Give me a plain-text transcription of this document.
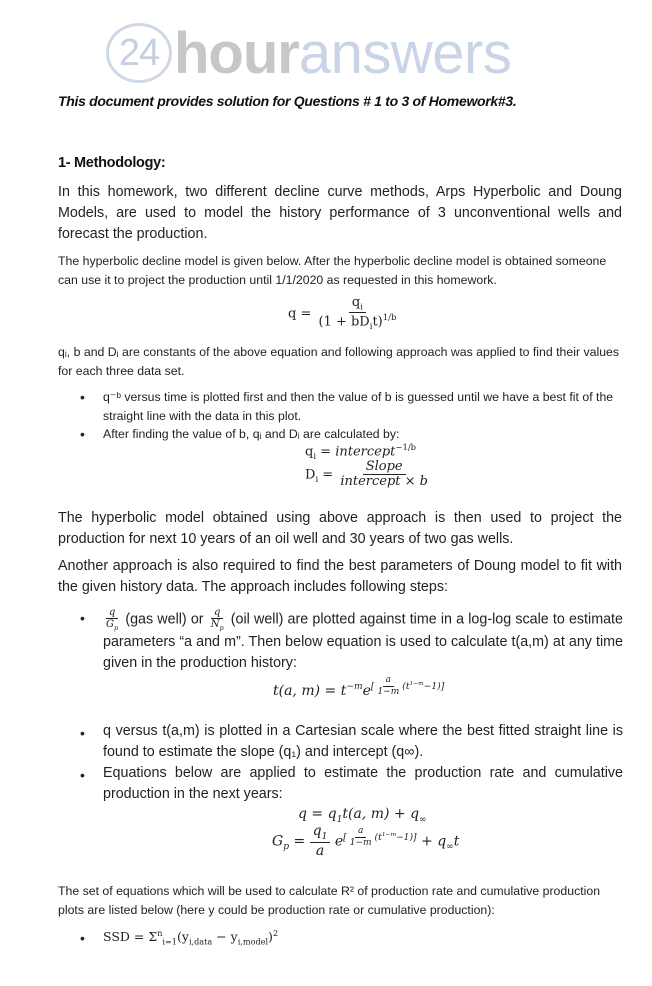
24 hour answers
This document provides solution for Questions # 1 to 3 of Homework#3.
1- Methodology:
In this homework, two different decline curve methods, Arps Hyperbolic and Doung Models, are used to model the history performance of 3 unconventional wells and forecast the production.
The hyperbolic decline model is given below. After the hyperbolic decline model is obtained someone can use it to project the production until 1/1/2020 as requested in this homework.
$q = \frac{q_i}{(1 + bD_it)^{1/b}}$
qᵢ, b and Dᵢ are constants of the above equation and following approach was applied to find their values for each three data set.
• q⁻ᵇ versus time is plotted first and then the value of b is guessed until we have a best fit of the straight line with the data in this plot.
• After finding the value of b, qᵢ and Dᵢ are calculated by:
$q_i$ = intercept$^{-1/b}$
$D_i = \frac{\text{Slope}}{\text{intercept × b}}$
The hyperbolic model obtained using above approach is then used to project the production for next 10 years of an oil well and 30 years of two gas wells.
Another approach is also required to find the best parameters of Doung model to fit with the given history data. The approach includes following steps:
• $\frac{q}{G_p} (gas$ well) or $\frac{q}{N_p} (oil$ well) are plotted against time in a log-log scale to estimate parameters “a and m”. Then below equation is used to calculate t(a,m) at any time given in the production history:
t(a, $m) = t^{-m}e[ a 1-m (t1-m-1)]$
• q versus t(a,m) is plotted in a Cartesian scale where the best fitted straight line is found to estimate the slope (q₁) and intercept (q∞).
• Equations below are applied to estimate the production rate and cumulative production in the next years:
$q = q_1t(a$, $m) + q_\infty$
$G_p = \frac{q_1}{a} e[ a 1-m (t1-m-1)] + q_\infty t$
The set of equations which will be used to calculate R² of production rate and cumulative production plots are listed below (here y could be production rate or cumulative production):
• SSD = $\Sigma^n_{i=1}(y_{i,data} - y_{i,model})^2$
